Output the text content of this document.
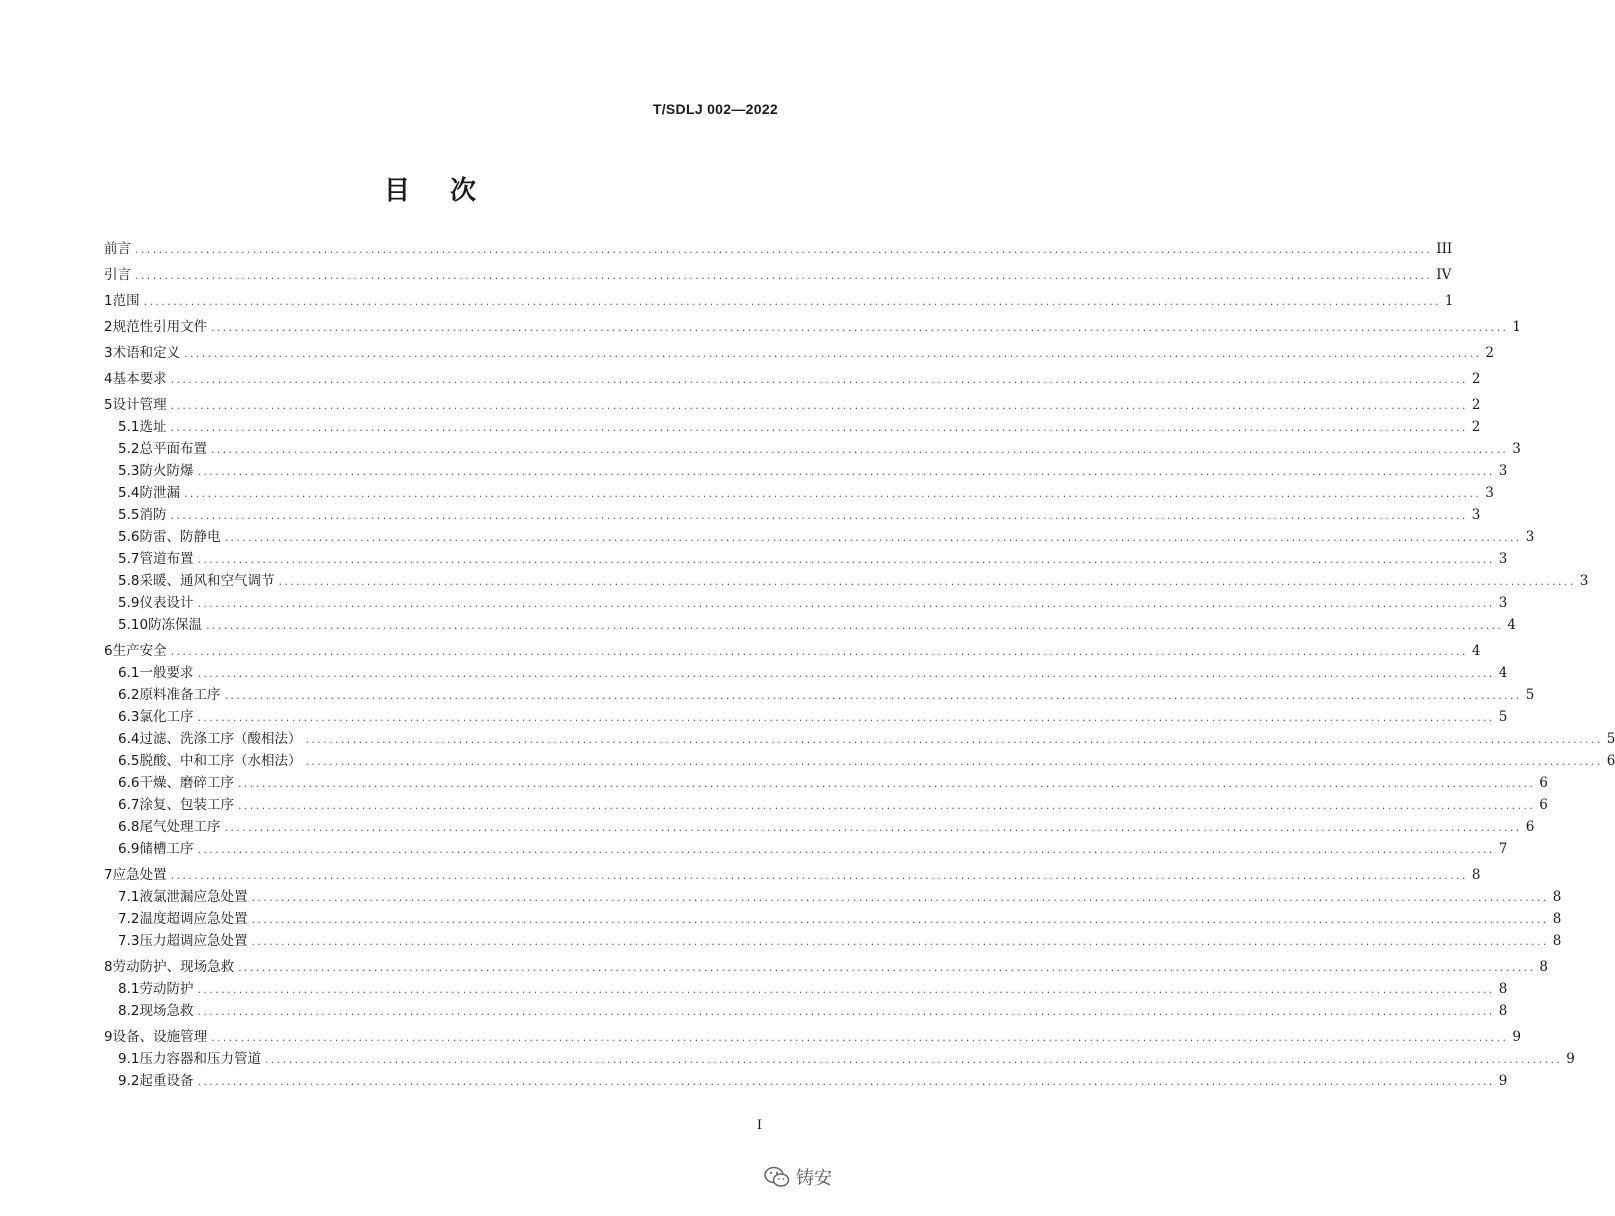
T/SDLJ 002—2022
目次
前言 ............................................................................................................................................................................................................................ III
引言 ............................................................................................................................................................................................................................ IV
1 范围 ............................................................................................................................................................................................................................ 1
2 规范性引用文件 ............................................................................................................................................................................................................................ 1
3 术语和定义 ............................................................................................................................................................................................................................ 2
4 基本要求 ............................................................................................................................................................................................................................ 2
5 设计管理 ............................................................................................................................................................................................................................ 2
5.1 选址 ............................................................................................................................................................................................................................ 2
5.2 总平面布置 ............................................................................................................................................................................................................................ 3
5.3 防火防爆 ............................................................................................................................................................................................................................ 3
5.4 防泄漏 ............................................................................................................................................................................................................................ 3
5.5 消防 ............................................................................................................................................................................................................................ 3
5.6 防雷、防静电 ............................................................................................................................................................................................................................ 3
5.7 管道布置 ............................................................................................................................................................................................................................ 3
5.8 采暖、通风和空气调节 ............................................................................................................................................................................................................................ 3
5.9 仪表设计 ............................................................................................................................................................................................................................ 3
5.10 防冻保温 ............................................................................................................................................................................................................................ 4
6 生产安全 ............................................................................................................................................................................................................................ 4
6.1 一般要求 ............................................................................................................................................................................................................................ 4
6.2 原料准备工序 ............................................................................................................................................................................................................................ 5
6.3 氯化工序 ............................................................................................................................................................................................................................ 5
6.4 过滤、洗涤工序（酸相法） ............................................................................................................................................................................................................................ 5
6.5 脱酸、中和工序（水相法） ............................................................................................................................................................................................................................ 6
6.6 干燥、磨碎工序 ............................................................................................................................................................................................................................ 6
6.7 涂复、包装工序 ............................................................................................................................................................................................................................ 6
6.8 尾气处理工序 ............................................................................................................................................................................................................................ 6
6.9 储槽工序 ............................................................................................................................................................................................................................ 7
7 应急处置 ............................................................................................................................................................................................................................ 8
7.1 液氯泄漏应急处置 ............................................................................................................................................................................................................................ 8
7.2 温度超调应急处置 ............................................................................................................................................................................................................................ 8
7.3 压力超调应急处置 ............................................................................................................................................................................................................................ 8
8 劳动防护、现场急救 ............................................................................................................................................................................................................................ 8
8.1 劳动防护 ............................................................................................................................................................................................................................ 8
8.2 现场急救 ............................................................................................................................................................................................................................ 8
9 设备、设施管理 ............................................................................................................................................................................................................................ 9
9.1 压力容器和压力管道 ............................................................................................................................................................................................................................ 9
9.2 起重设备 ............................................................................................................................................................................................................................ 9
I
铸安
